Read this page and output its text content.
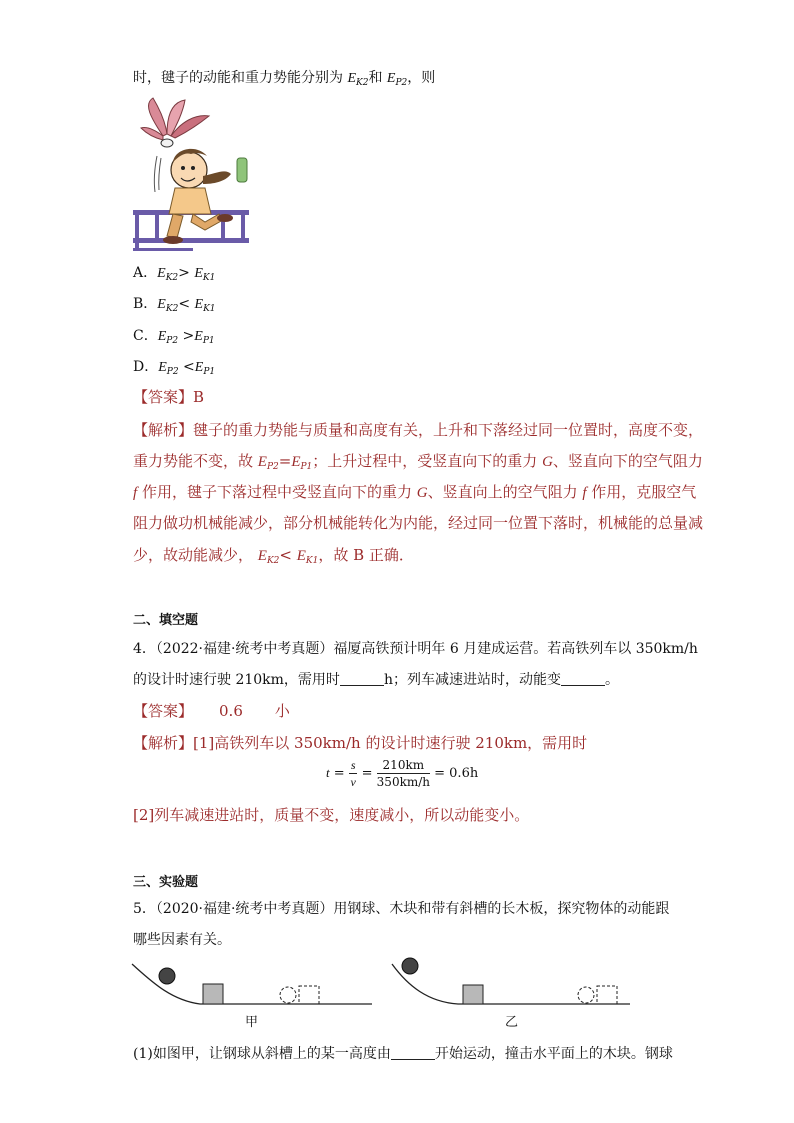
时，毽子的动能和重力势能分别为 $E_{K2}$和 $E_{P2}$，则
A．$E_{K2}> E_{K1}$
B．$E_{K2}< E_{K1}$
C．$E_{P2} >E_{P1}$
D．$E_{P2} <E_{P1}$
【答案】B
【解析】毽子的重力势能与质量和高度有关，上升和下落经过同一位置时，高度不变，
重力势能不变，故 $E_{P2}=E_{P1}$；上升过程中，受竖直向下的重力 G、竖直向下的空气阻力
f 作用，毽子下落过程中受竖直向下的重力 G、竖直向上的空气阻力 f 作用，克服空气
阻力做功机械能减少，部分机械能转化为内能，经过同一位置下落时，机械能的总量减
少，故动能减少， $E_{K2}< E_{K1}$，故 B 正确．
二、填空题
4．（2022·福建·统考中考真题）福厦高铁预计明年 6 月建成运营。若高铁列车以 350km/h
的设计时速行驶 210km，需用时	h；列车减速进站时，动能变	。
【答案】 0.6 小
【解析】[1]高铁列车以 350km/h 的设计时速行驶 210km，需用时
$t = \frac{s}{v} = \frac{210km}{350km/h} = 0.6h$
[2]列车减速进站时，质量不变，速度减小，所以动能变小。
三、实验题
5．（2020·福建·统考中考真题）用钢球、木块和带有斜槽的长木板，探究物体的动能跟
哪些因素有关。
甲	乙
(1)如图甲，让钢球从斜槽上的某一高度由	开始运动，撞击水平面上的木块。钢球
